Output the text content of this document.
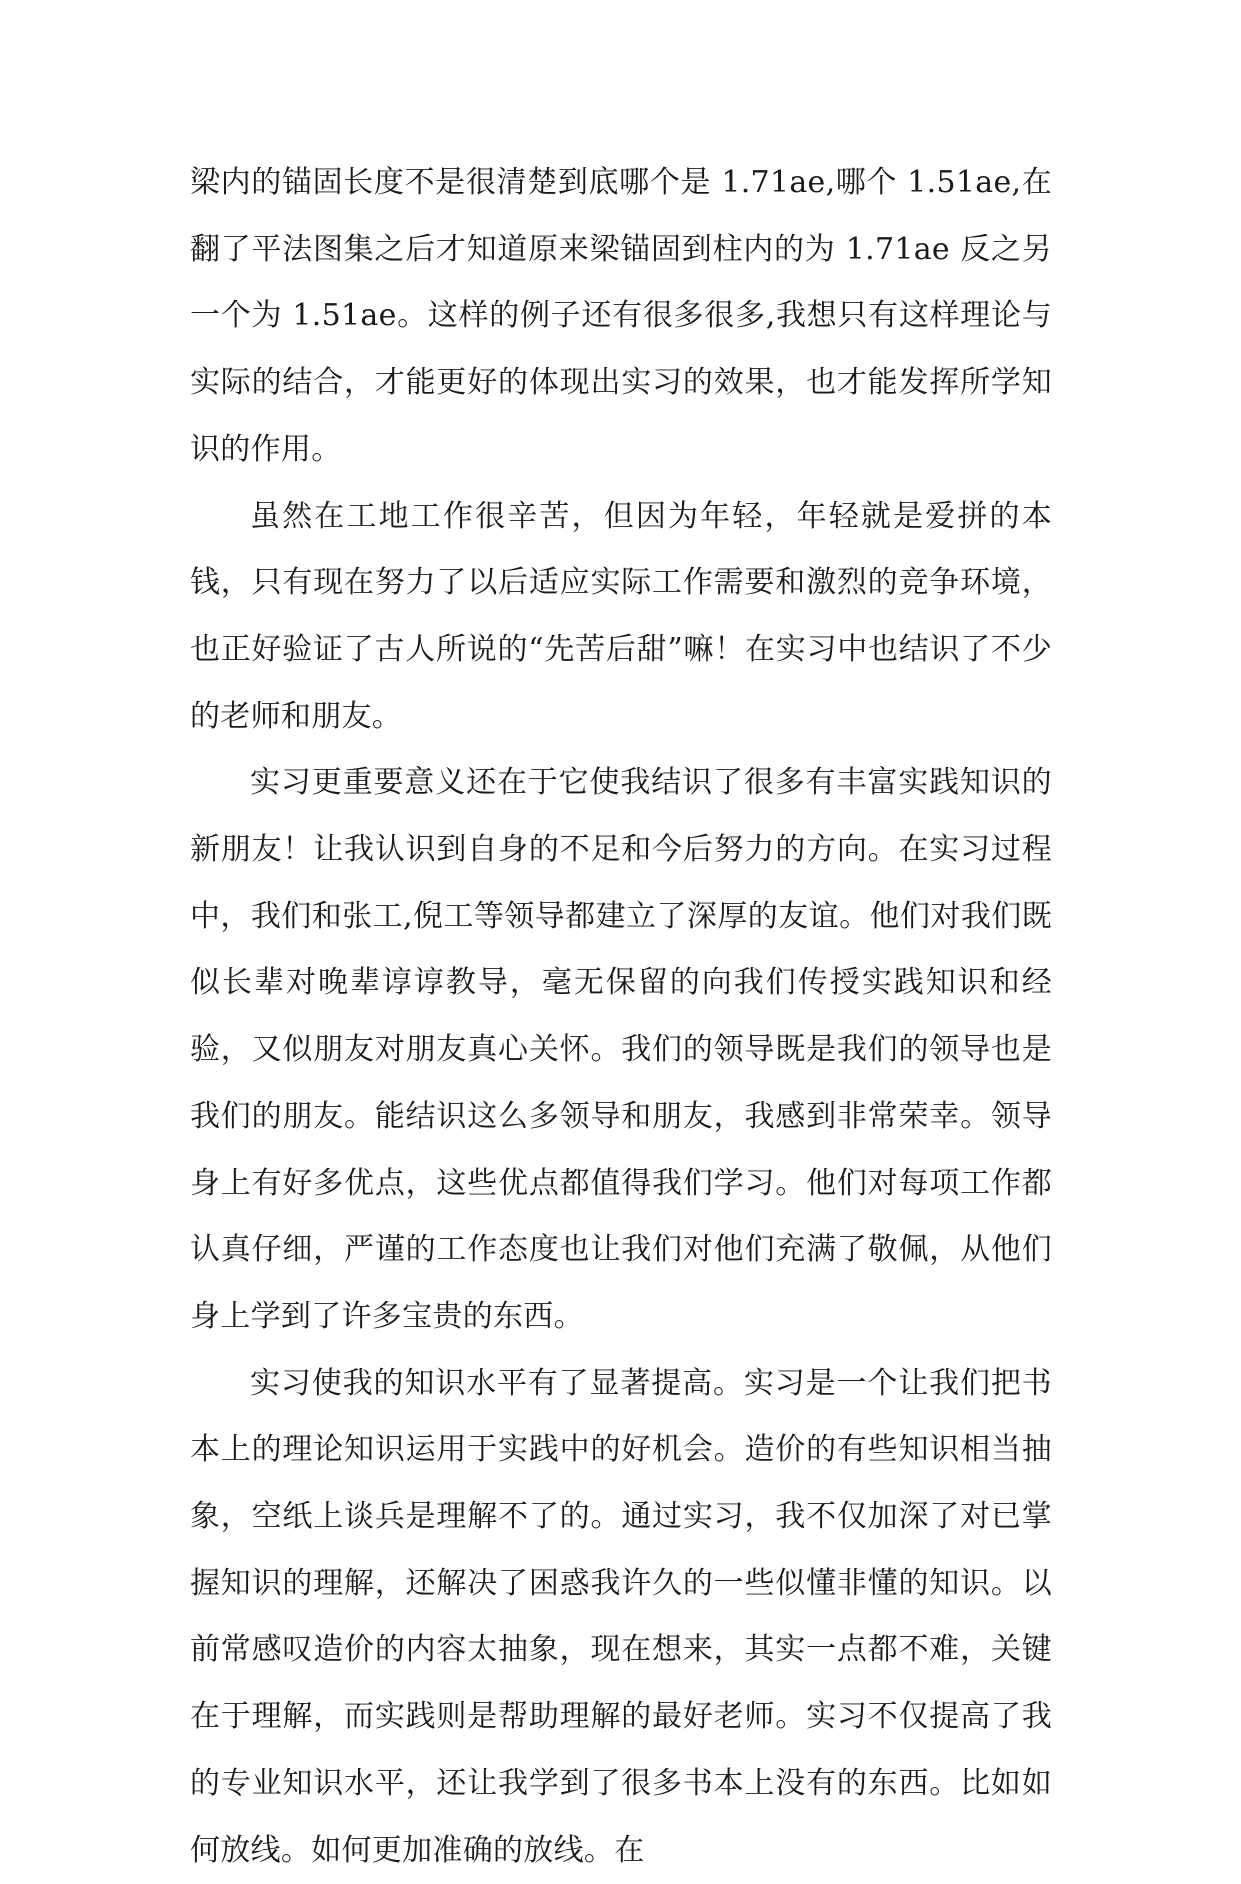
梁内的锚固长度不是很清楚到底哪个是 1.71ae,哪个 1.51ae,在翻了平法图集之后才知道原来梁锚固到柱内的为 1.71ae 反之另一个为 1.51ae。这样的例子还有很多很多,我想只有这样理论与实际的结合，才能更好的体现出实习的效果，也才能发挥所学知识的作用。

虽然在工地工作很辛苦，但因为年轻，年轻就是爱拼的本钱，只有现在努力了以后适应实际工作需要和激烈的竞争环境，也正好验证了古人所说的“先苦后甜”嘛！在实习中也结识了不少的老师和朋友。

实习更重要意义还在于它使我结识了很多有丰富实践知识的新朋友！让我认识到自身的不足和今后努力的方向。在实习过程中，我们和张工,倪工等领导都建立了深厚的友谊。他们对我们既似长辈对晚辈谆谆教导，毫无保留的向我们传授实践知识和经验，又似朋友对朋友真心关怀。我们的领导既是我们的领导也是我们的朋友。能结识这么多领导和朋友，我感到非常荣幸。领导身上有好多优点，这些优点都值得我们学习。他们对每项工作都认真仔细，严谨的工作态度也让我们对他们充满了敬佩，从他们身上学到了许多宝贵的东西。

实习使我的知识水平有了显著提高。实习是一个让我们把书本上的理论知识运用于实践中的好机会。造价的有些知识相当抽象，空纸上谈兵是理解不了的。通过实习，我不仅加深了对已掌握知识的理解，还解决了困惑我许久的一些似懂非懂的知识。以前常感叹造价的内容太抽象，现在想来，其实一点都不难，关键在于理解，而实践则是帮助理解的最好老师。实习不仅提高了我的专业知识水平，还让我学到了很多书本上没有的东西。比如如何放线。如何更加准确的放线。在
